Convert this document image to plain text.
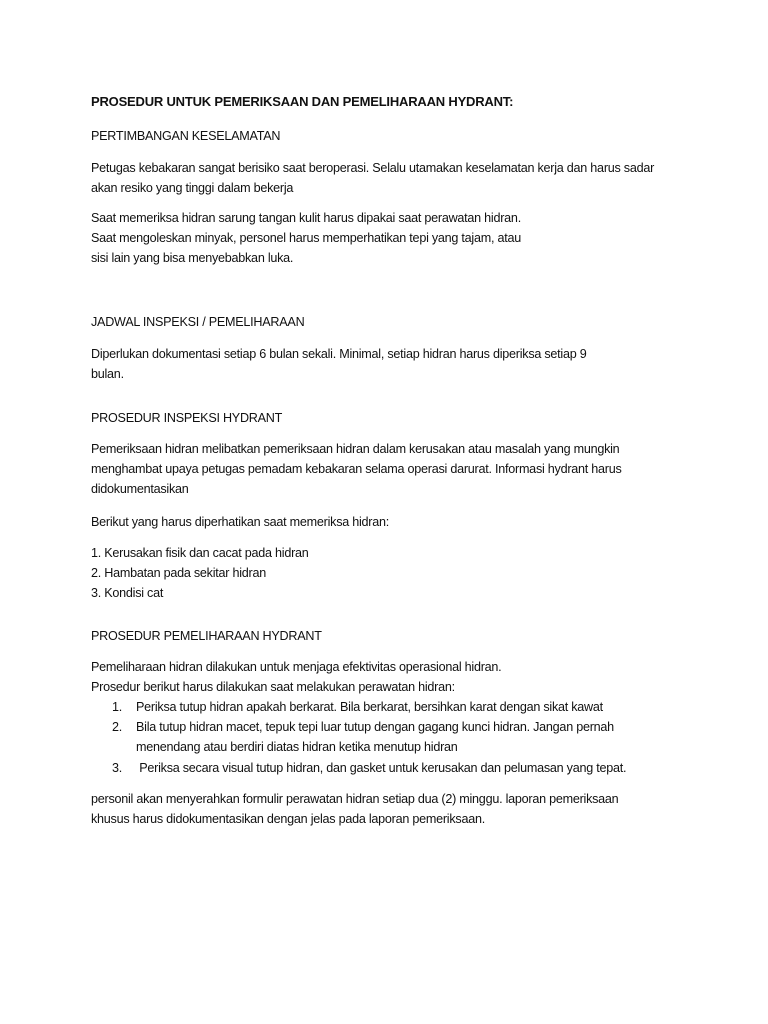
PROSEDUR UNTUK PEMERIKSAAN DAN PEMELIHARAAN HYDRANT:
PERTIMBANGAN KESELAMATAN
Petugas kebakaran sangat berisiko saat beroperasi. Selalu utamakan keselamatan kerja dan harus sadar
akan resiko yang tinggi dalam bekerja
Saat memeriksa hidran sarung tangan kulit harus dipakai saat perawatan hidran.
Saat mengoleskan minyak, personel harus memperhatikan tepi yang tajam, atau
sisi lain yang bisa menyebabkan luka.
JADWAL INSPEKSI / PEMELIHARAAN
Diperlukan dokumentasi setiap 6 bulan sekali. Minimal, setiap hidran harus diperiksa setiap 9
bulan.
PROSEDUR INSPEKSI HYDRANT
Pemeriksaan hidran melibatkan pemeriksaan hidran dalam kerusakan atau masalah yang mungkin
menghambat upaya petugas pemadam kebakaran selama operasi darurat. Informasi hydrant harus
didokumentasikan
Berikut yang harus diperhatikan saat memeriksa hidran:
1. Kerusakan fisik dan cacat pada hidran
2. Hambatan pada sekitar hidran
3. Kondisi cat
PROSEDUR PEMELIHARAAN HYDRANT
Pemeliharaan hidran dilakukan untuk menjaga efektivitas operasional hidran.
Prosedur berikut harus dilakukan saat melakukan perawatan hidran:
1.	Periksa tutup hidran apakah berkarat. Bila berkarat, bersihkan karat dengan sikat kawat
2.	Bila tutup hidran macet, tepuk tepi luar tutup dengan gagang kunci hidran. Jangan pernah
menendang atau berdiri diatas hidran ketika menutup hidran
3.	Periksa secara visual tutup hidran, dan gasket untuk kerusakan dan pelumasan yang tepat.
personil akan menyerahkan formulir perawatan hidran setiap dua (2) minggu. laporan pemeriksaan
khusus harus didokumentasikan dengan jelas pada laporan pemeriksaan.
